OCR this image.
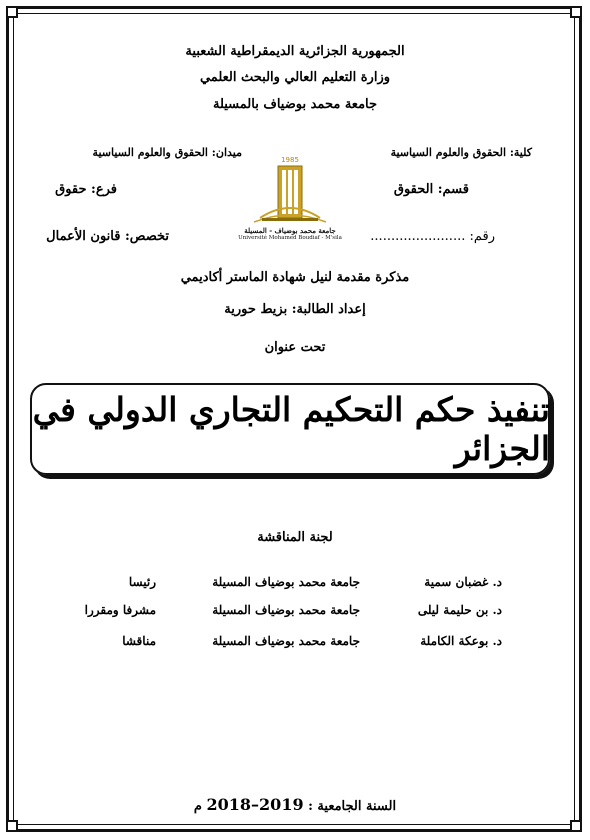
الجمهورية الجزائرية الديمقراطية الشعبية
وزارة التعليم العالي والبحث العلمي
جامعة محمد بوضياف بالمسيلة
كلية: الحقوق والعلوم السياسية
ميدان: الحقوق والعلوم السياسية
قسم: الحقوق
فرع: حقوق
رقم: .......................
تخصص: قانون الأعمال
1985
جامعة محمد بوضياف - المسيلة
Université Mohamed Boudiaf - M'sila
مذكرة مقدمة لنيل شهادة الماستر أكاديمي
إعداد الطالبة: بزيط حورية
تحت عنوان
تنفيذ حكم التحكيم التجاري الدولي في الجزائر
لجنة المناقشة
د. غضبان سمية
جامعة محمد بوضياف المسيلة
رئيسا
د. بن حليمة ليلى
جامعة محمد بوضياف المسيلة
مشرفا ومقررا
د. بوعكة الكاملة
جامعة محمد بوضياف المسيلة
مناقشا
السنة الجامعية : 2018–2019 م
